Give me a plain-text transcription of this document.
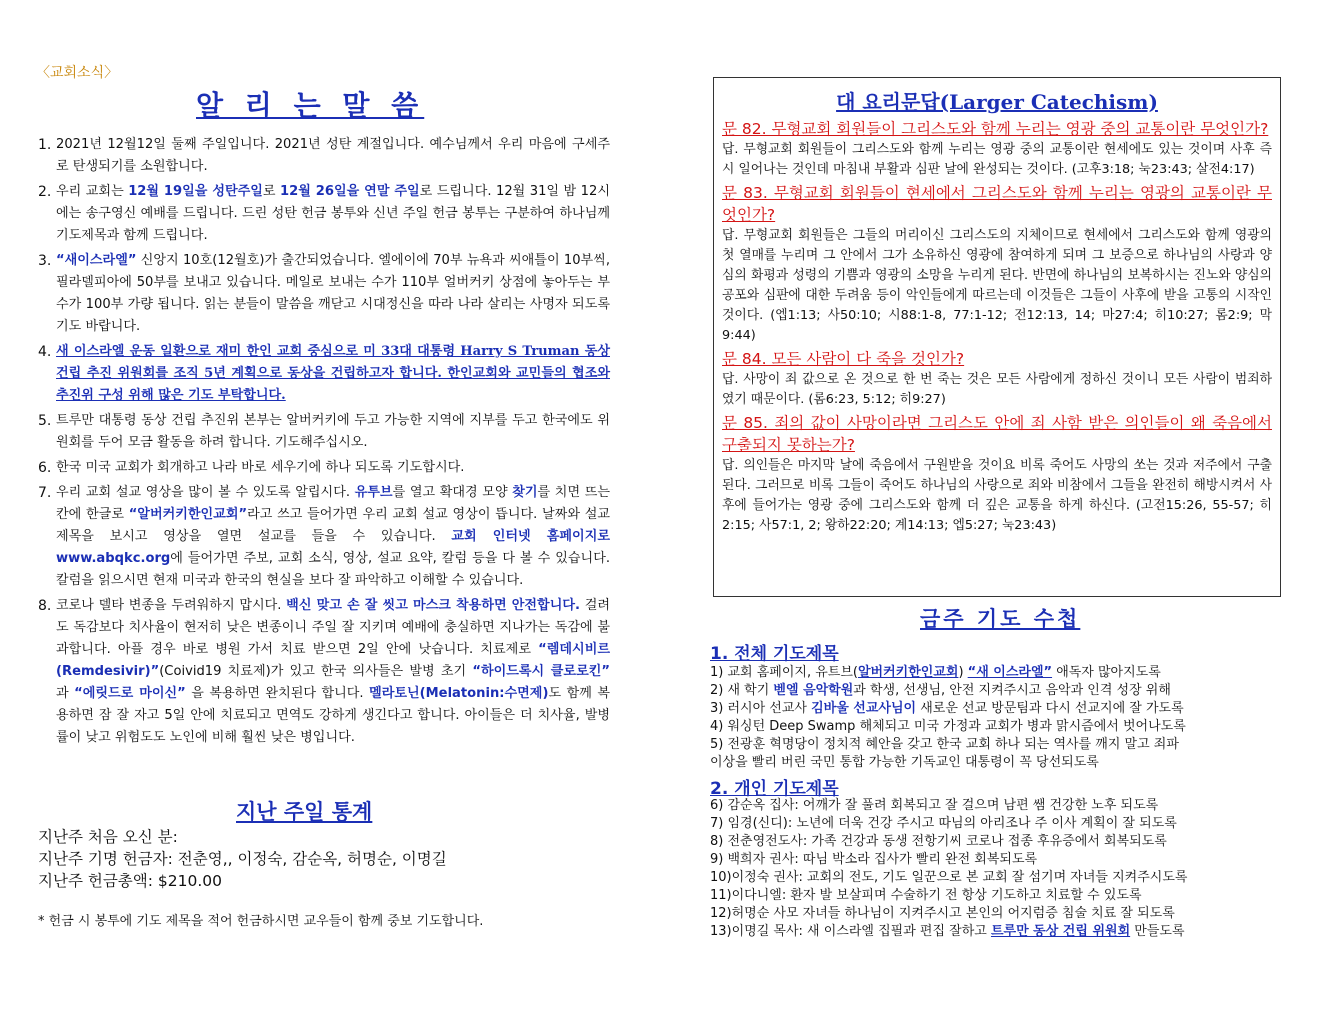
〈교회소식〉
알 리 는 말 씀
1. 2021년 12월12일 둘째 주일입니다. 2021년 성탄 계절입니다. 예수님께서 우리 마음에 구세주로 탄생되기를 소원합니다.
2. 우리 교회는 12월 19일을 성탄주일로 12월 26일을 연말 주일로 드립니다. 12월 31일 밤 12시에는 송구영신 예배를 드립니다. 드린 성탄 헌금 봉투와 신년 주일 헌금 봉투는 구분하여 하나님께 기도제목과 함께 드립니다.
3. “새이스라엘” 신앙지 10호(12월호)가 출간되었습니다. 엘에이에 70부 뉴욕과 씨애틀이 10부씩, 필라델피아에 50부를 보내고 있습니다. 메일로 보내는 수가 110부 얼버커키 상점에 놓아두는 부수가 100부 가량 됩니다. 읽는 분들이 말씀을 깨닫고 시대정신을 따라 나라 살리는 사명자 되도록 기도 바랍니다.
4. 새 이스라엘 운동 일환으로 재미 한인 교회 중심으로 미 33대 대통령 Harry S Truman 동상 건립 추진 위원회를 조직 5년 계획으로 동상을 건립하고자 합니다. 한인교회와 교민들의 협조와 추진위 구성 위해 많은 기도 부탁합니다.
5. 트루만 대통령 동상 건립 추진위 본부는 알버커키에 두고 가능한 지역에 지부를 두고 한국에도 위원회를 두어 모금 활동을 하려 합니다. 기도해주십시오.
6. 한국 미국 교회가 회개하고 나라 바로 세우기에 하나 되도록 기도합시다.
7. 우리 교회 설교 영상을 많이 볼 수 있도록 알립시다. 유투브를 열고 확대경 모양 찾기를 치면 뜨는 칸에 한글로 “알버커키한인교회”라고 쓰고 들어가면 우리 교회 설교 영상이 뜹니다. 날짜와 설교 제목을 보시고 영상을 열면 설교를 들을 수 있습니다. 교회 인터넷 홈페이지로 www.abqkc.org에 들어가면 주보, 교회 소식, 영상, 설교 요약, 칼럼 등을 다 볼 수 있습니다. 칼럼을 읽으시면 현재 미국과 한국의 현실을 보다 잘 파악하고 이해할 수 있습니다.
8. 코로나 델타 변종을 두려워하지 맙시다. 백신 맞고 손 잘 씻고 마스크 착용하면 안전합니다. 걸려도 독감보다 치사율이 현저히 낮은 변종이니 주일 잘 지키며 예배에 충실하면 지나가는 독감에 불과합니다. 아플 경우 바로 병원 가서 치료 받으면 2일 안에 낫습니다. 치료제로 “렘데시비르 (Remdesivir)”(Coivid19 치료제)가 있고 한국 의사들은 발병 초기 “하이드록시 클로로킨” 과 “에릿드로 마이신” 을 복용하면 완치된다 합니다. 멜라토닌(Melatonin:수면제)도 함께 복용하면 잠 잘 자고 5일 안에 치료되고 면역도 강하게 생긴다고 합니다. 아이들은 더 치사율, 발병률이 낮고 위험도도 노인에 비해 훨씬 낮은 병입니다.
지난 주일 통계
지난주 처음 오신 분:
지난주 기명 헌금자: 전춘영,, 이정숙, 감순옥, 허명순, 이명길
지난주 헌금총액: $210.00
* 헌금 시 봉투에 기도 제목을 적어 헌금하시면 교우들이 함께 중보 기도합니다.
대 요리문답(Larger Catechism)
문 82. 무형교회 회원들이 그리스도와 함께 누리는 영광 중의 교통이란 무엇인가?
답. 무형교회 회원들이 그리스도와 함께 누리는 영광 중의 교통이란 현세에도 있는 것이며 사후 즉시 일어나는 것인데 마침내 부활과 심판 날에 완성되는 것이다. (고후3:18; 눅23:43; 살전4:17)
문 83. 무형교회 회원들이 현세에서 그리스도와 함께 누리는 영광의 교통이란 무엇인가?
답. 무형교회 회원들은 그들의 머리이신 그리스도의 지체이므로 현세에서 그리스도와 함께 영광의 첫 열매를 누리며 그 안에서 그가 소유하신 영광에 참여하게 되며 그 보증으로 하나님의 사랑과 양심의 화평과 성령의 기쁨과 영광의 소망을 누리게 된다. 반면에 하나님의 보복하시는 진노와 양심의 공포와 심판에 대한 두려움 등이 악인들에게 따르는데 이것들은 그들이 사후에 받을 고통의 시작인 것이다. (엡1:13; 사50:10; 시88:1-8, 77:1-12; 전12:13, 14; 마27:4; 히10:27; 롬2:9; 막9:44)
문 84. 모든 사람이 다 죽을 것인가?
답. 사망이 죄 값으로 온 것으로 한 번 죽는 것은 모든 사람에게 정하신 것이니 모든 사람이 범죄하였기 때문이다. (롬6:23, 5:12; 히9:27)
문 85. 죄의 값이 사망이라면 그리스도 안에 죄 사함 받은 의인들이 왜 죽음에서 구출되지 못하는가?
답. 의인들은 마지막 날에 죽음에서 구원받을 것이요 비록 죽어도 사망의 쏘는 것과 저주에서 구출된다. 그러므로 비록 그들이 죽어도 하나님의 사랑으로 죄와 비참에서 그들을 완전히 해방시켜서 사후에 들어가는 영광 중에 그리스도와 함께 더 깊은 교통을 하게 하신다. (고전15:26, 55-57; 히2:15; 사57:1, 2; 왕하22:20; 계14:13; 엡5:27; 눅23:43)
금주 기도 수첩
1. 전체 기도제목
1) 교회 홈페이지, 유트브(알버커키한인교회) “새 이스라엘” 애독자 많아지도록
2) 새 학기 벧엘 음악학원과 학생, 선생님, 안전 지켜주시고 음악과 인격 성장 위해
3) 러시아 선교사 김바울 선교사님이 새로운 선교 방문팀과 다시 선교지에 잘 가도록
4) 워싱턴 Deep Swamp 해체되고 미국 가정과 교회가 병과 맑시즘에서 벗어나도록
5) 전광훈 혁명당이 정치적 혜안을 갖고 한국 교회 하나 되는 역사를 깨지 말고 죄파
이상을 빨리 버린 국민 통합 가능한 기독교인 대통령이 꼭 당선되도록
2. 개인 기도제목
6) 감순옥 집사: 어깨가 잘 풀려 회복되고 잘 걸으며 남편 쌤 건강한 노후 되도록
7) 임경(신디): 노년에 더욱 건강 주시고 따님의 아리조나 주 이사 계획이 잘 되도록
8) 전춘영전도사: 가족 건강과 동생 전항기씨 코로나 접종 후유증에서 회복되도록
9) 백희자 권사: 따님 박소라 집사가 빨리 완전 회복되도록
10)이정숙 권사: 교회의 전도, 기도 일꾼으로 본 교회 잘 섬기며 자녀들 지켜주시도록
11)이다니엘: 환자 발 보살피며 수술하기 전 항상 기도하고 치료할 수 있도록
12)허명순 사모 자녀들 하나님이 지켜주시고 본인의 어지럼증 침술 치료 잘 되도록
13)이명길 목사: 새 이스라엘 집필과 편집 잘하고 트루만 동상 건립 위원회 만들도록
